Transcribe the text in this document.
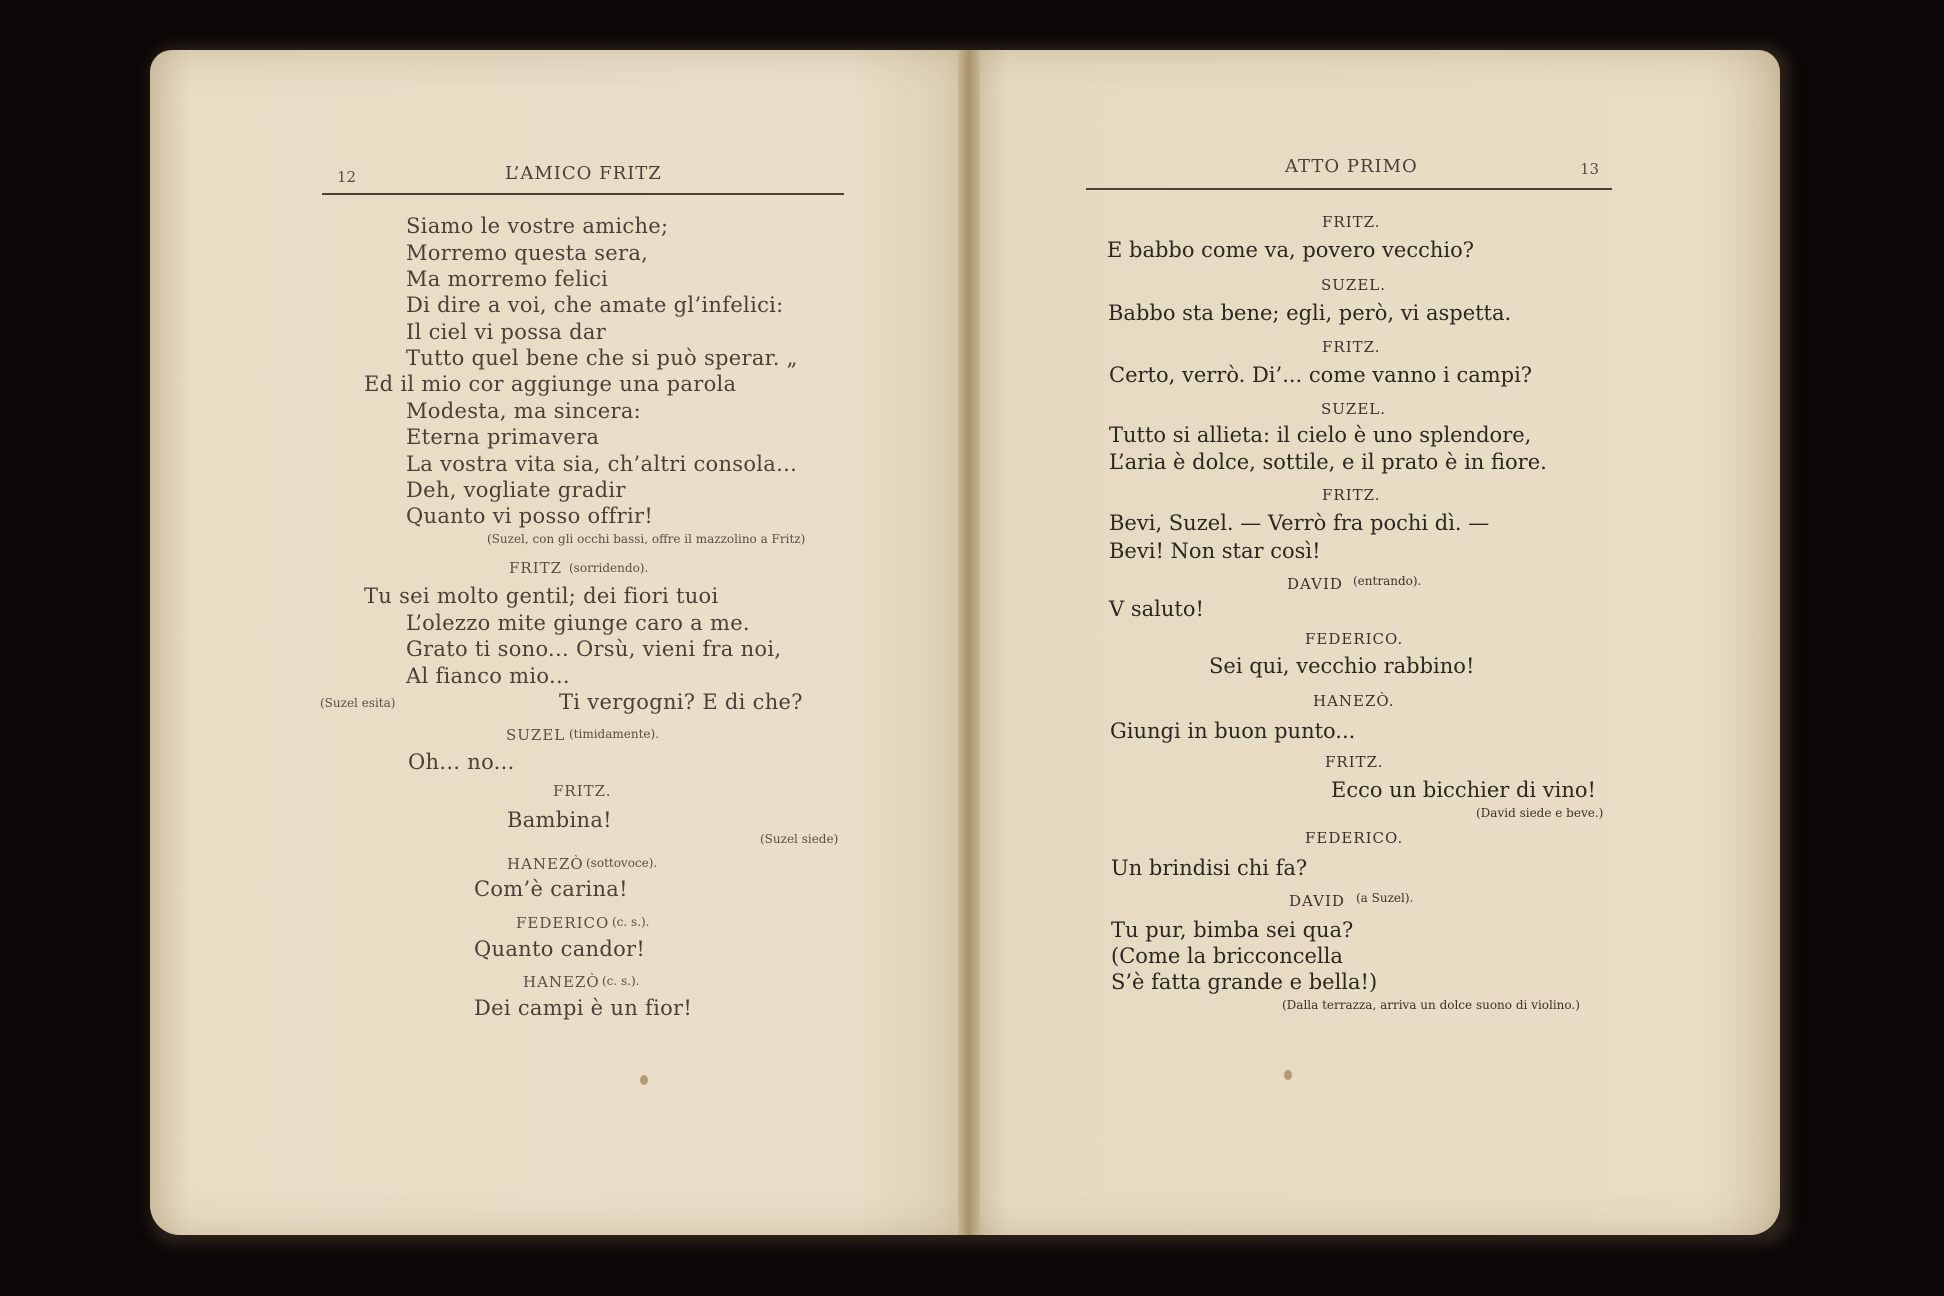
12	L’AMICO FRITZ
Siamo le vostre amiche;
Morremo questa sera,
Ma morremo felici
Di dire a voi, che amate gl’infelici:
Il ciel vi possa dar
Tutto quel bene che si può sperar. „
Ed il mio cor aggiunge una parola
Modesta, ma sincera:
Eterna primavera
La vostra vita sia, ch’altri consola...
Deh, vogliate gradir
Quanto vi posso offrir!
(Suzel, con gli occhi bassi, offre il mazzolino a Fritz)
FRITZ (sorridendo).
Tu sei molto gentil; dei fiori tuoi
L’olezzo mite giunge caro a me.
Grato ti sono... Orsù, vieni fra noi,
Al fianco mio...
(Suzel esita)	Ti vergogni? E di che?
SUZEL (timidamente).
Oh... no...
FRITZ.
Bambina!
(Suzel siede)
HANEZÒ (sottovoce).
Com’è carina!
FEDERICO (c. s.).
Quanto candor!
HANEZÒ (c. s.).
Dei campi è un fior!
ATTO PRIMO	13
FRITZ.
E babbo come va, povero vecchio?
SUZEL.
Babbo sta bene; egli, però, vi aspetta.
FRITZ.
Certo, verrò. Di’... come vanno i campi?
SUZEL.
Tutto si allieta: il cielo è uno splendore,
L’aria è dolce, sottile, e il prato è in fiore.
FRITZ.
Bevi, Suzel. — Verrò fra pochi dì. —
Bevi! Non star così!
DAVID (entrando).
V saluto!
FEDERICO.
Sei qui, vecchio rabbino!
HANEZÒ.
Giungi in buon punto...
FRITZ.
Ecco un bicchier di vino!
(David siede e beve.)
FEDERICO.
Un brindisi chi fa?
DAVID (a Suzel).
Tu pur, bimba sei qua?
(Come la bricconcella
S’è fatta grande e bella!)
(Dalla terrazza, arriva un dolce suono di violino.)
